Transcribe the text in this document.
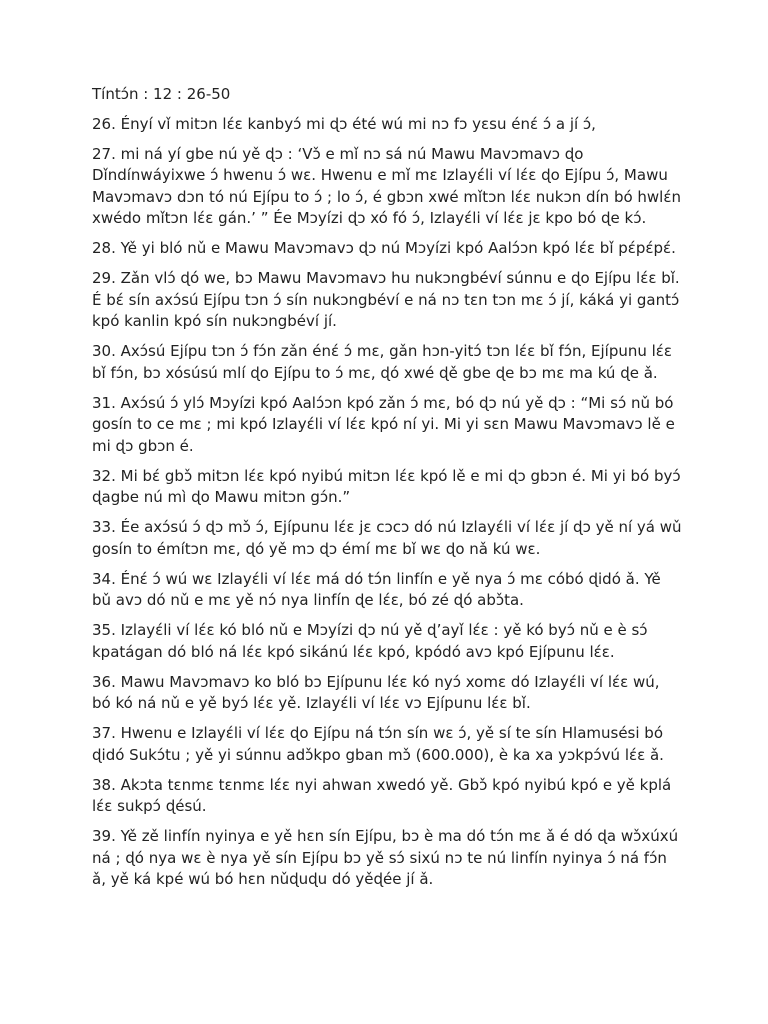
Tíntɔ́n : 12 : 26-50

26. Ényí vǐ mitɔn lɛ́ɛ kanbyɔ́ mi ɖɔ été wú mi nɔ fɔ yɛsu énɛ́ ɔ́ a jí ɔ́,

27. mi ná yí gbe nú yě ɖɔ : ‘Vɔ̌ e mǐ nɔ sá nú Mawu Mavɔmavɔ ɖo Dǐndínwáyixwe ɔ́ hwenu ɔ́ wɛ. Hwenu e mǐ mɛ Izlayɛ́li ví lɛ́ɛ ɖo Ejípu ɔ́, Mawu Mavɔmavɔ dɔn tó nú Ejípu to ɔ́ ; lo ɔ́, é gbɔn xwé mǐtɔn lɛ́ɛ nukɔn dín bó hwlɛ́n xwédo mǐtɔn lɛ́ɛ gán.’ ” Ée Mɔyízi ɖɔ xó fó ɔ́, Izlayɛ́li ví lɛ́ɛ jɛ kpo bó ɖe kɔ́.

28. Yě yi bló nǔ e Mawu Mavɔmavɔ ɖɔ nú Mɔyízi kpó Aalɔ́ɔn kpó lɛ́ɛ bǐ pɛ́pɛ́pɛ́.

29. Zǎn vlɔ́ ɖó we, bɔ Mawu Mavɔmavɔ hu nukɔngbéví súnnu e ɖo Ejípu lɛ́ɛ bǐ. É bɛ́ sín axɔ́sú Ejípu tɔn ɔ́ sín nukɔngbéví e ná nɔ tɛn tɔn mɛ ɔ́ jí, káká yi gantɔ́ kpó kanlin kpó sín nukɔngbéví jí.

30. Axɔ́sú Ejípu tɔn ɔ́ fɔ́n zǎn énɛ́ ɔ́ mɛ, gǎn hɔn-yitɔ́ tɔn lɛ́ɛ bǐ fɔ́n, Ejípunu lɛ́ɛ bǐ fɔ́n, bɔ xósúsú mlí ɖo Ejípu to ɔ́ mɛ, ɖó xwé ɖě gbe ɖe bɔ mɛ ma kú ɖe ǎ.

31. Axɔ́sú ɔ́ ylɔ́ Mɔyízi kpó Aalɔ́ɔn kpó zǎn ɔ́ mɛ, bó ɖɔ nú yě ɖɔ : “Mi sɔ́ nǔ bó gosín to ce mɛ ; mi kpó Izlayɛ́li ví lɛ́ɛ kpó ní yi. Mi yi sɛn Mawu Mavɔmavɔ lě e mi ɖɔ gbɔn é.

32. Mi bɛ́ gbɔ̌ mitɔn lɛ́ɛ kpó nyibú mitɔn lɛ́ɛ kpó lě e mi ɖɔ gbɔn é. Mi yi bó byɔ́ ɖagbe nú mì ɖo Mawu mitɔn gɔ́n.”

33. Ée axɔ́sú ɔ́ ɖɔ mɔ̌ ɔ́, Ejípunu lɛ́ɛ jɛ cɔcɔ dó nú Izlayɛ́li ví lɛ́ɛ jí ɖɔ yě ní yá wǔ gosín to émítɔn mɛ, ɖó yě mɔ ɖɔ émí mɛ bǐ wɛ ɖo nǎ kú wɛ.

34. Énɛ́ ɔ́ wú wɛ Izlayɛ́li ví lɛ́ɛ má dó tɔ́n linfín e yě nya ɔ́ mɛ cóbó ɖidó ǎ. Yě bǔ avɔ dó nǔ e mɛ yě nɔ́ nya linfín ɖe lɛ́ɛ, bó zé ɖó abɔ̌ta.

35. Izlayɛ́li ví lɛ́ɛ kó bló nǔ e Mɔyízi ɖɔ nú yě ɖ’ayǐ lɛ́ɛ : yě kó byɔ́ nǔ e è sɔ́ kpatágan dó bló ná lɛ́ɛ kpó sikánú lɛ́ɛ kpó, kpódó avɔ kpó Ejípunu lɛ́ɛ.

36. Mawu Mavɔmavɔ ko bló bɔ Ejípunu lɛ́ɛ kó nyɔ́ xomɛ dó Izlayɛ́li ví lɛ́ɛ wú, bó kó ná nǔ e yě byɔ́ lɛ́ɛ yě. Izlayɛ́li ví lɛ́ɛ vɔ Ejípunu lɛ́ɛ bǐ.

37. Hwenu e Izlayɛ́li ví lɛ́ɛ ɖo Ejípu ná tɔ́n sín wɛ ɔ́, yě sí te sín Hlamusési bó ɖidó Sukɔ́tu ; yě yi súnnu adɔ̌kpo gban mɔ̌ (600.000), è ka xa yɔkpɔ́vú lɛ́ɛ ǎ.

38. Akɔta tɛnmɛ tɛnmɛ lɛ́ɛ nyi ahwan xwedó yě. Gbɔ̌ kpó nyibú kpó e yě kplá lɛ́ɛ sukpɔ́ ɖésú.

39. Yě zě linfín nyinya e yě hɛn sín Ejípu, bɔ è ma dó tɔ́n mɛ ǎ é dó ɖa wɔ̌xúxú ná ; ɖó nya wɛ è nya yě sín Ejípu bɔ yě sɔ́ sixú nɔ te nú linfín nyinya ɔ́ ná fɔ́n ǎ, yě ká kpé wú bó hɛn nǔɖuɖu dó yěɖée jí ǎ.
